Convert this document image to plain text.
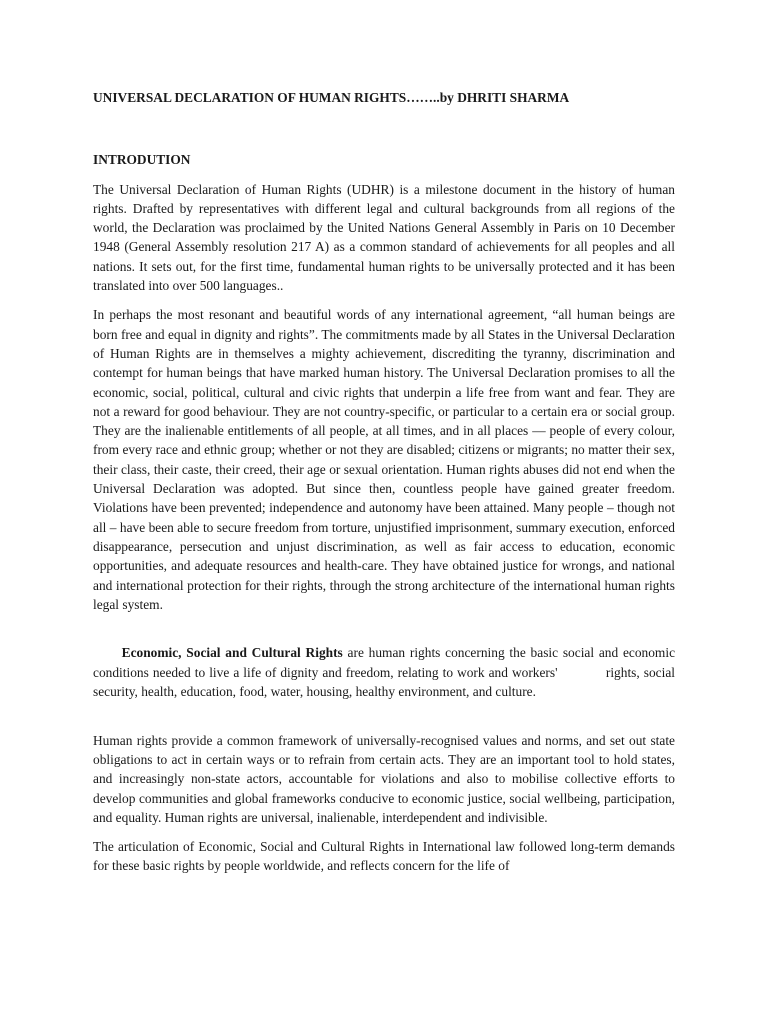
UNIVERSAL DECLARATION OF HUMAN RIGHTS……..by DHRITI SHARMA

INTRODUTION

The Universal Declaration of Human Rights (UDHR) is a milestone document in the history of human rights. Drafted by representatives with different legal and cultural backgrounds from all regions of the world, the Declaration was proclaimed by the United Nations General Assembly in Paris on 10 December 1948 (General Assembly resolution 217 A) as a common standard of achievements for all peoples and all nations. It sets out, for the first time, fundamental human rights to be universally protected and it has been translated into over 500 languages..

In perhaps the most resonant and beautiful words of any international agreement, “all human beings are born free and equal in dignity and rights”. The commitments made by all States in the Universal Declaration of Human Rights are in themselves a mighty achievement, discrediting the tyranny, discrimination and contempt for human beings that have marked human history. The Universal Declaration promises to all the economic, social, political, cultural and civic rights that underpin a life free from want and fear. They are not a reward for good behaviour. They are not country-specific, or particular to a certain era or social group. They are the inalienable entitlements of all people, at all times, and in all places — people of every colour, from every race and ethnic group; whether or not they are disabled; citizens or migrants; no matter their sex, their class, their caste, their creed, their age or sexual orientation. Human rights abuses did not end when the Universal Declaration was adopted. But since then, countless people have gained greater freedom. Violations have been prevented; independence and autonomy have been attained. Many people – though not all – have been able to secure freedom from torture, unjustified imprisonment, summary execution, enforced disappearance, persecution and unjust discrimination, as well as fair access to education, economic opportunities, and adequate resources and health-care. They have obtained justice for wrongs, and national and international protection for their rights, through the strong architecture of the international human rights legal system.

Economic, Social and Cultural Rights are human rights concerning the basic social and economic conditions needed to live a life of dignity and freedom, relating to work and workers'            rights, social            security, health, education, food, water, housing, healthy environment, and culture.

Human rights provide a common framework of universally-recognised values and norms, and set out state obligations to act in certain ways or to refrain from certain acts. They are an important tool to hold states, and increasingly non-state actors, accountable for violations and also to mobilise collective efforts to develop communities and global frameworks conducive to economic justice, social wellbeing, participation, and equality. Human rights are universal, inalienable, interdependent and indivisible.

The articulation of Economic, Social and Cultural Rights in International law followed long-term demands for these basic rights by people worldwide, and reflects concern for the life of
